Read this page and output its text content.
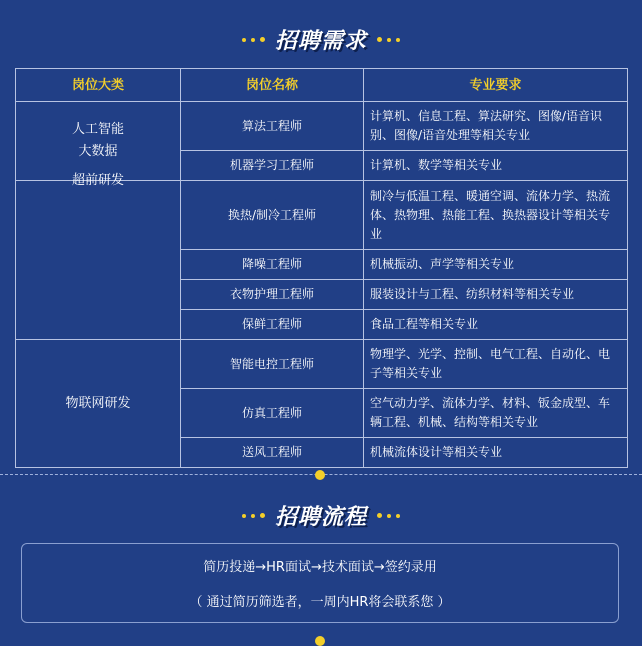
招聘需求
岗位大类	岗位名称	专业要求

人工智能
大数据	算法工程师	计算机、信息工程、算法研究、图像/语音识别、图像/语音处理等相关专业
	机器学习工程师	计算机、数学等相关专业

超前研发	换热/制冷工程师	制冷与低温工程、暖通空调、流体力学、热流体、热物理、热能工程、换热器设计等相关专业
	降噪工程师	机械振动、声学等相关专业
	衣物护理工程师	服装设计与工程、纺织材料等相关专业
	保鲜工程师	食品工程等相关专业

物联网研发	智能电控工程师	物理学、光学、控制、电气工程、自动化、电子等相关专业
	仿真工程师	空气动力学、流体力学、材料、钣金成型、车辆工程、机械、结构等相关专业
	送风工程师	机械流体设计等相关专业
招聘流程
简历投递→HR面试→技术面试→签约录用
（ 通过简历筛选者，一周内HR将会联系您 ）
